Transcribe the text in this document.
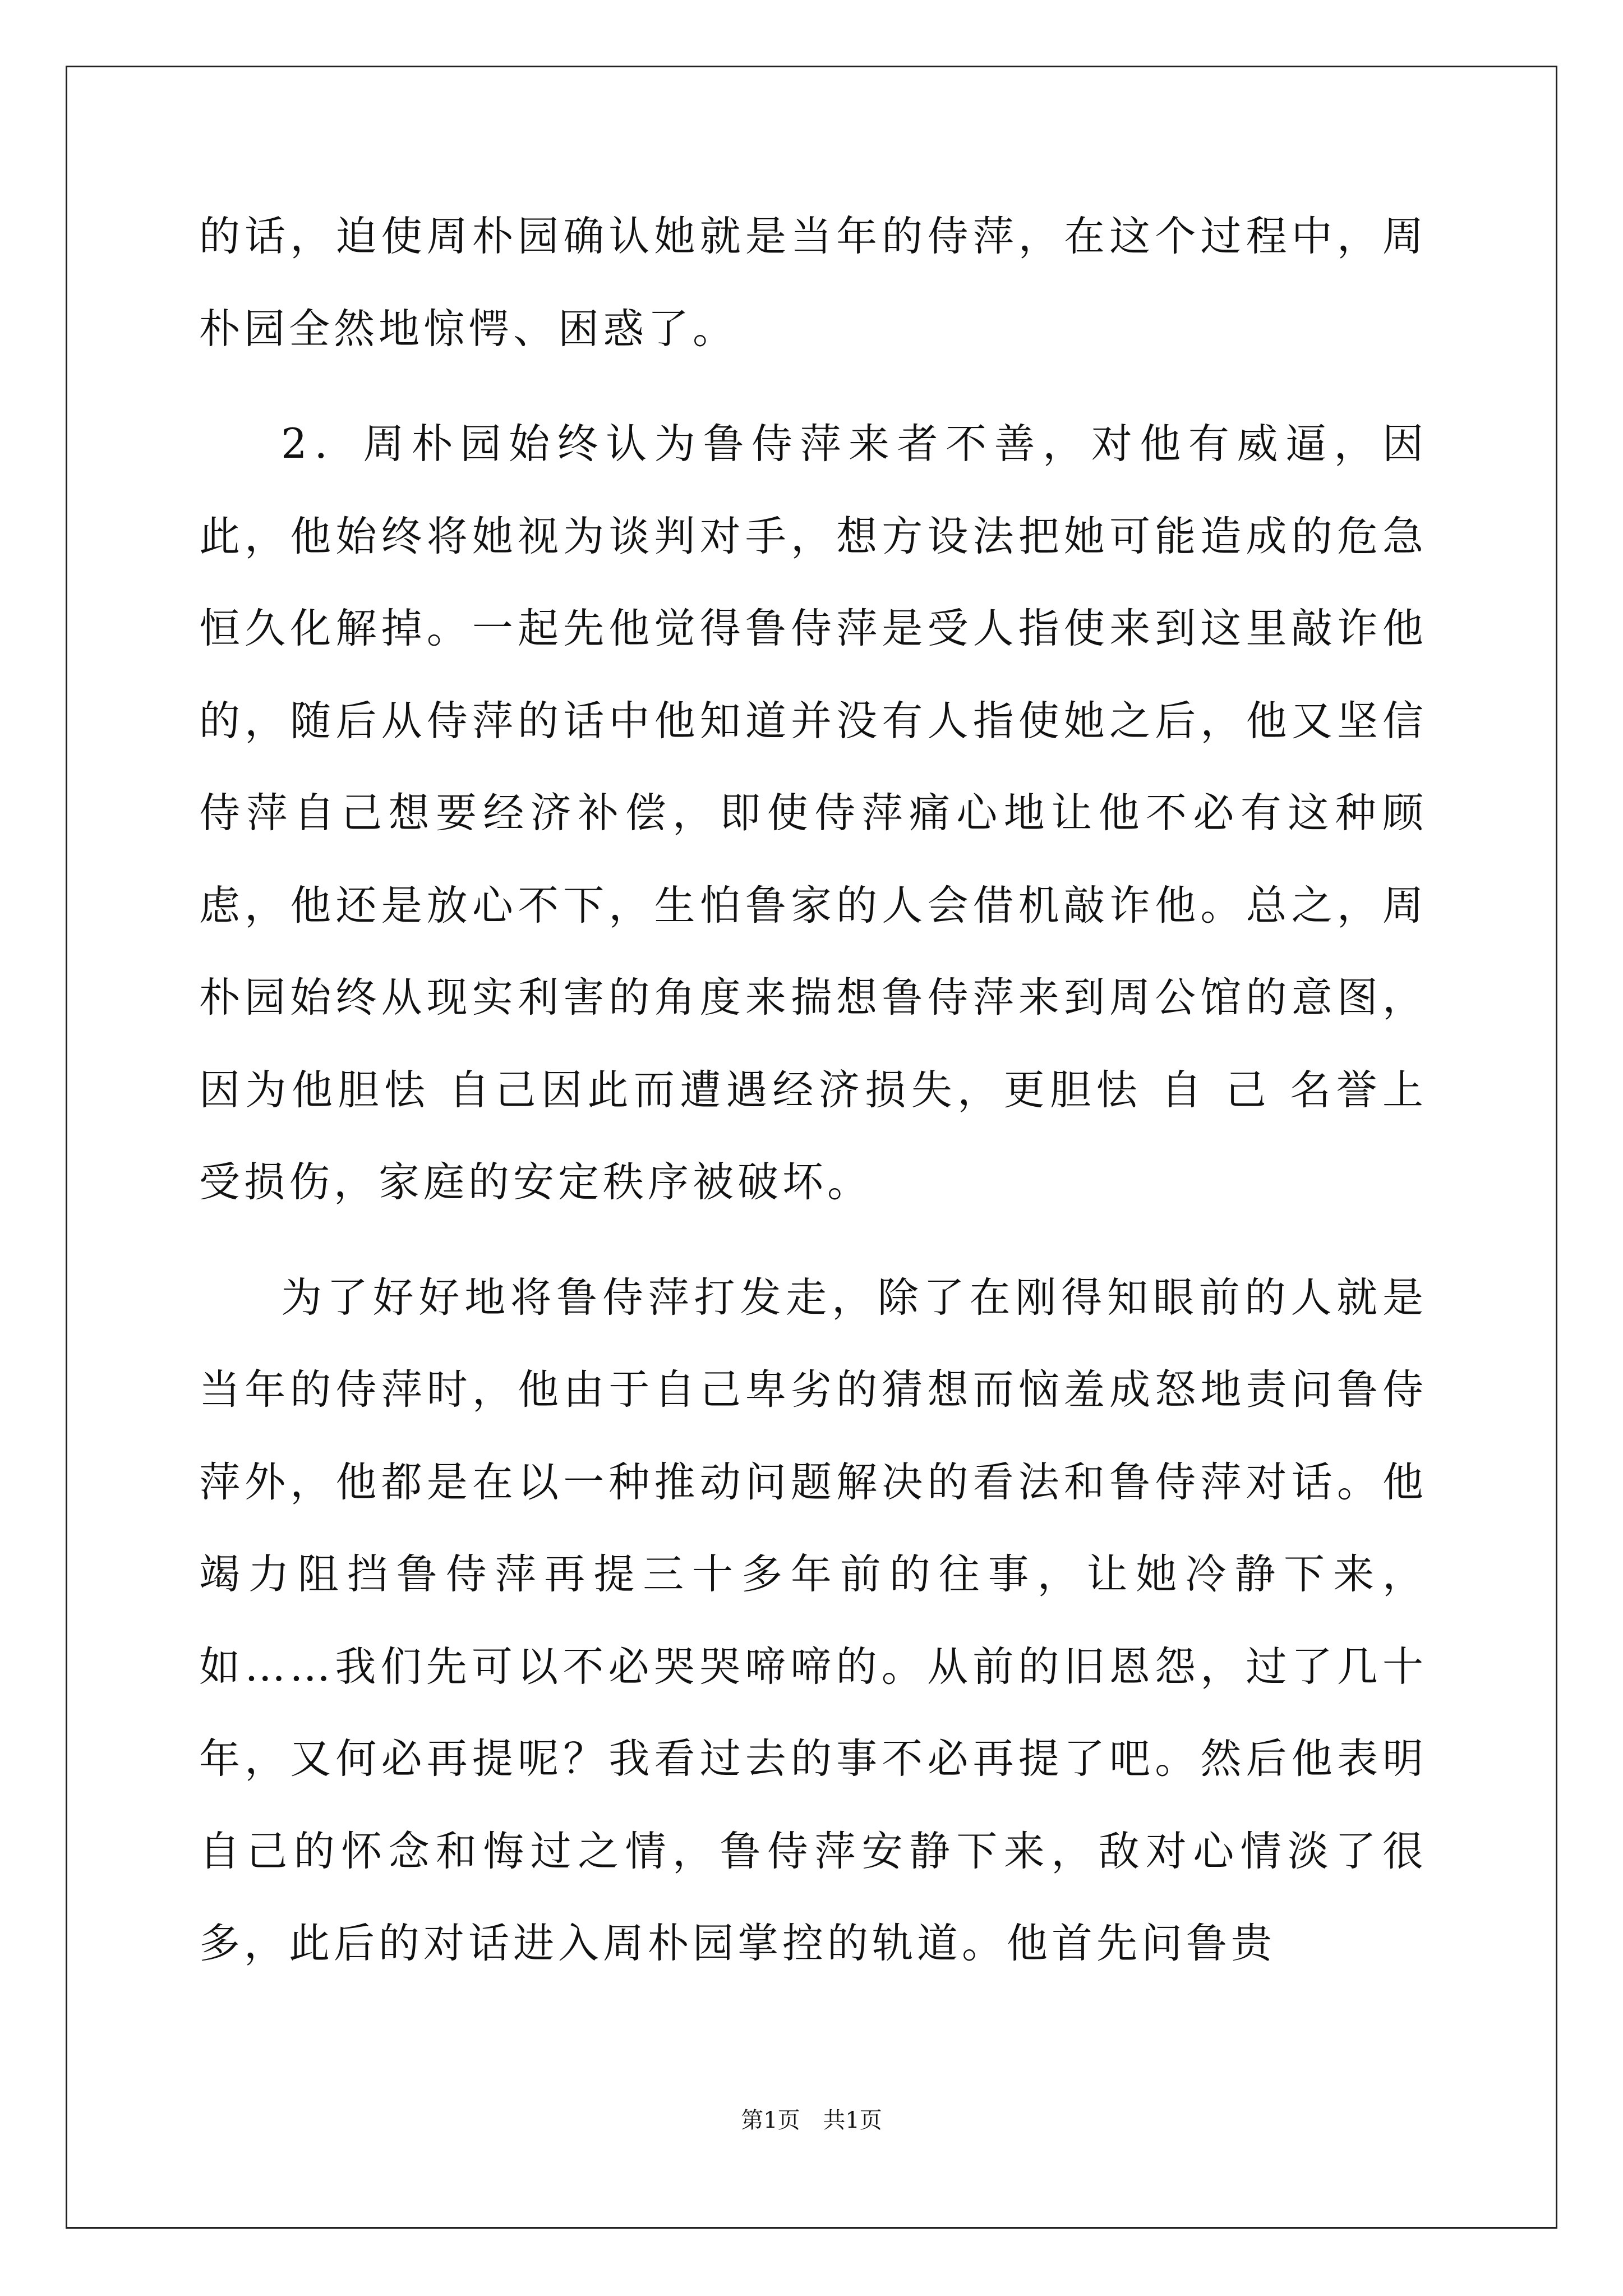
的话，迫使周朴园确认她就是当年的侍萍，在这个过程中，周朴园全然地惊愕、困惑了。

2．周朴园始终认为鲁侍萍来者不善，对他有威逼，因此，他始终将她视为谈判对手，想方设法把她可能造成的危急恒久化解掉。一起先他觉得鲁侍萍是受人指使来到这里敲诈他的，随后从侍萍的话中他知道并没有人指使她之后，他又坚信侍萍自己想要经济补偿，即使侍萍痛心地让他不必有这种顾虑，他还是放心不下，生怕鲁家的人会借机敲诈他。总之，周朴园始终从现实利害的角度来揣想鲁侍萍来到周公馆的意图，因为他胆怯 自己因此而遭遇经济损失，更胆怯 自 己 名誉上受损伤，家庭的安定秩序被破坏。

为了好好地将鲁侍萍打发走，除了在刚得知眼前的人就是当年的侍萍时，他由于自己卑劣的猜想而恼羞成怒地责问鲁侍萍外，他都是在以一种推动问题解决的看法和鲁侍萍对话。他竭力阻挡鲁侍萍再提三十多年前的往事，让她冷静下来，如……我们先可以不必哭哭啼啼的。从前的旧恩怨，过了几十年，又何必再提呢？我看过去的事不必再提了吧。然后他表明自己的怀念和悔过之情，鲁侍萍安静下来，敌对心情淡了很多，此后的对话进入周朴园掌控的轨道。他首先问鲁贵

第1页 共1页
